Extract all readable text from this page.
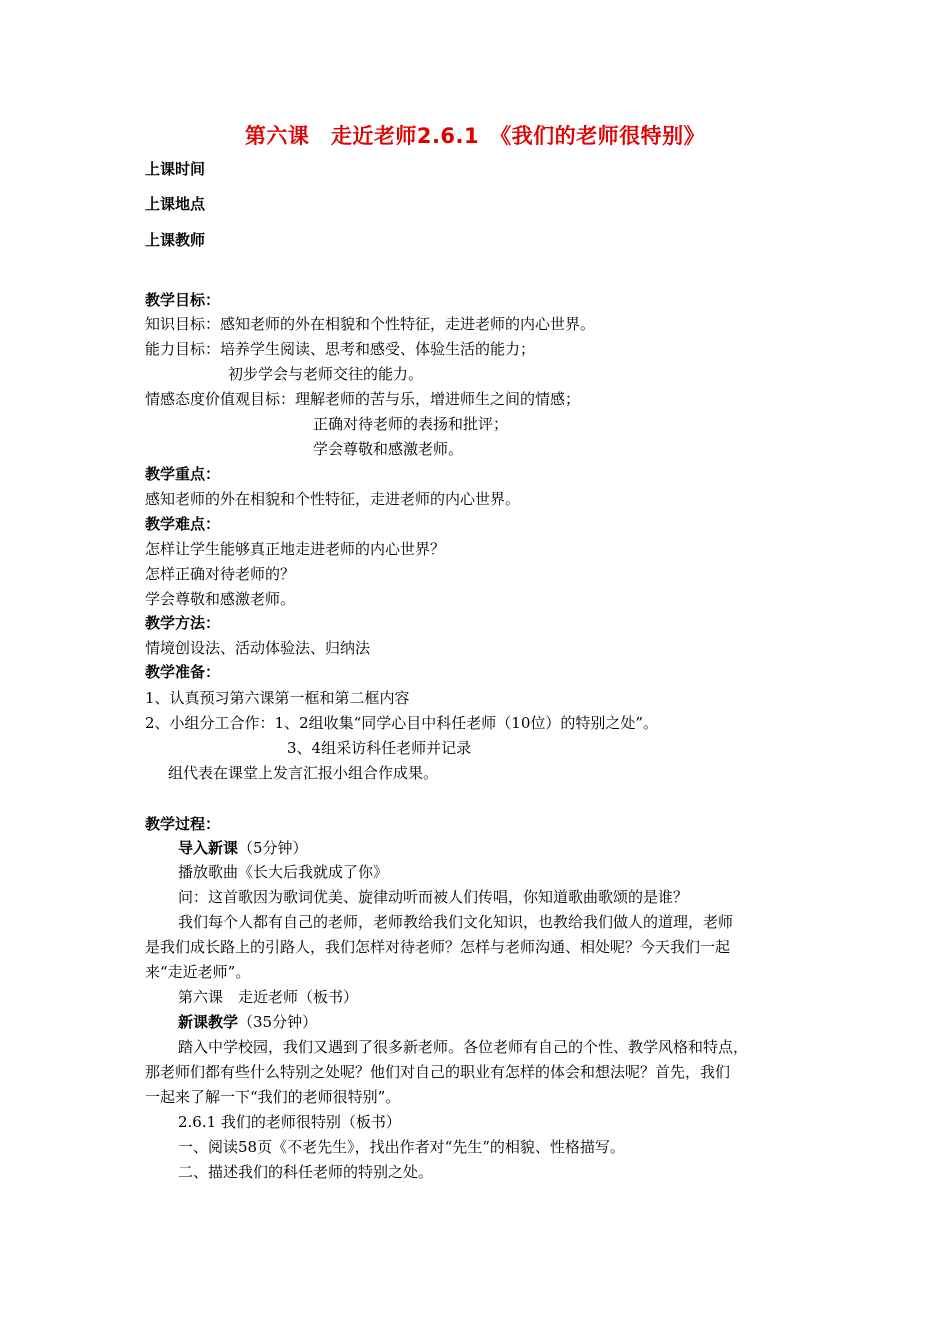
第六课　走近老师2.6.1　《我们的老师很特别》
上课时间
上课地点
上课教师
教学目标：
知识目标：感知老师的外在相貌和个性特征，走进老师的内心世界。
能力目标：培养学生阅读、思考和感受、体验生活的能力；
初步学会与老师交往的能力。
情感态度价值观目标：理解老师的苦与乐，增进师生之间的情感；
正确对待老师的表扬和批评；
学会尊敬和感激老师。
教学重点：
感知老师的外在相貌和个性特征，走进老师的内心世界。
教学难点：
怎样让学生能够真正地走进老师的内心世界？
怎样正确对待老师的？
学会尊敬和感激老师。
教学方法：
情境创设法、活动体验法、归纳法
教学准备：
1、认真预习第六课第一框和第二框内容
2、小组分工合作：1、2组收集“同学心目中科任老师（10位）的特别之处”。
3、4组采访科任老师并记录
组代表在课堂上发言汇报小组合作成果。
教学过程：
导入新课（5分钟）
播放歌曲《长大后我就成了你》
问：这首歌因为歌词优美、旋律动听而被人们传唱，你知道歌曲歌颂的是谁？
我们每个人都有自己的老师，老师教给我们文化知识，也教给我们做人的道理，老师
是我们成长路上的引路人，我们怎样对待老师？怎样与老师沟通、相处呢？今天我们一起
来“走近老师”。
第六课　走近老师（板书）
新课教学（35分钟）
踏入中学校园，我们又遇到了很多新老师。各位老师有自己的个性、教学风格和特点，
那老师们都有些什么特别之处呢？他们对自己的职业有怎样的体会和想法呢？首先，我们
一起来了解一下“我们的老师很特别”。
2.6.1 我们的老师很特别（板书）
一、阅读58页《不老先生》，找出作者对“先生”的相貌、性格描写。
二、描述我们的科任老师的特别之处。
